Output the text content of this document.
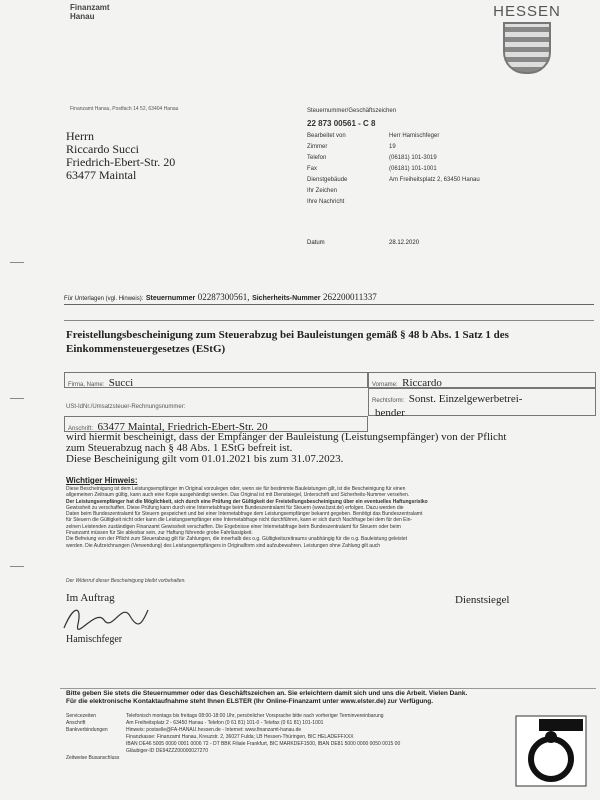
Finanzamt
Hanau	HESSEN
Finanzamt Hanau, Postfach 14 52, 63404 Hanau
Herrn
Riccardo Succi
Friedrich-Ebert-Str. 20
63477 Maintal
Steuernummer/Geschäftszeichen
22 873 00561 - C 8
Bearbeitet von	Herr Hamischfeger
Zimmer	19
Telefon	(06181) 101-3019
Fax	(06181) 101-1001
Dienstgebäude	Am Freiheitsplatz 2, 63450 Hanau
Ihr Zeichen
Ihre Nachricht
Datum	28.12.2020
Für Unterlagen (vgl. Hinweis): Steuernummer 02287300561, Sicherheits-Nummer 262200011337
Freistellungsbescheinigung zum Steuerabzug bei Bauleistungen gemäß § 48 b Abs. 1 Satz 1 des Einkommensteuergesetzes (EStG)
Firma, Name: Succi	Vorname: Riccardo
Rechtsform: Sonst. Einzelgewerbetrei-
bender
USt-IdNr./Umsatzsteuer-Rechnungsnummer:
Anschrift: 63477 Maintal, Friedrich-Ebert-Str. 20
wird hiermit bescheinigt, dass der Empfänger der Bauleistung (Leistungsempfänger) von der Pflicht
zum Steuerabzug nach § 48 Abs. 1 EStG befreit ist.
Diese Bescheinigung gilt vom 01.01.2021 bis zum 31.07.2023.
Wichtiger Hinweis:
Diese Bescheinigung ist dem Leistungsempfänger im Original vorzulegen oder, wenn sie für bestimmte Bauleistungen gilt, ist die Bescheinigung für einen
allgemeinen Zeitraum gültig, kann auch eine Kopie ausgehändigt werden. Das Original ist mit Dienstsiegel, Unterschrift und Sicherheits-Nummer versehen.
Der Leistungsempfänger hat die Möglichkeit, sich durch eine Prüfung der Gültigkeit der Freistellungsbescheinigung über ein eventuelles Haftungsrisiko
Gewissheit zu verschaffen. Diese Prüfung kann durch eine Internetabfrage beim Bundeszentralamt für Steuern (www.bzst.de) erfolgen. Dazu werden die
Daten beim Bundeszentralamt für Steuern gespeichert und bei einer Internetabfrage dem Leistungsempfänger bekannt gegeben. Benötigt das Bundeszentralamt
für Steuern die Gültigkeit nicht oder kann die Leistungsempfänger eine Internetabfrage nicht durchführen, kann er sich durch Nachfrage bei dem für den Ein-
zelnen Leistenden zuständigen Finanzamt Gewissheit verschaffen. Die Ergebnisse einer Internetabfrage beim Bundeszentralamt für Steuern oder beim
Finanzamt müssen für Sie ablesbar sein, zur Haftung führende grobe Fahrlässigkeit.
Die Befreiung von der Pflicht zum Steuerabzug gilt für Zahlungen, die innerhalb des o.g. Gültigkeitszeitraums unabhängig für die o.g. Bauleistung geleistet
werden. Die Aufzeichnungen (Verwendung) des Leistungsempfängers in Originalform sind aufzubewahren. Leistungen ohne Zahlung gilt auch
Der Widerruf dieser Bescheinigung bleibt vorbehalten.
Im Auftrag	Dienstsiegel
Hamischfeger
Bitte geben Sie stets die Steuernummer oder das Geschäftszeichen an. Sie erleichtern damit sich und uns die Arbeit. Vielen Dank.
Für die elektronische Kontaktaufnahme steht Ihnen ELSTER (Ihr Online-Finanzamt unter www.elster.de) zur Verfügung.
Servicezeiten	Telefonisch montags bis freitags 08:00-18:00 Uhr, persönlicher Vorsprache bitte nach vorheriger Terminvereinbarung
Anschrift	Am Freiheitsplatz 2 - 63450 Hanau - Telefon (0 61 81) 101-0 - Telefax (0 61 81) 101-1001
Bankverbindungen	Hinweis: postselle@FA-HANAU.hessen.de - Internet: www.finanzamt-hanau.de
Finanzkasse: Finanzamt Hanau, Kreuzstr. 2, 36027 Fulda; LB Hessen-Thüringen, BIC HELADEFFXXX
IBAN DE46 5005 0000 0001 0006 72 - DT BBK Filiale Frankfurt, BIC MARKDEF1500, IBAN DE81 5000 0000 0050 0015 00
Gläubiger-ID DE94ZZZ00000027270
Zeitweise Busanschluss
